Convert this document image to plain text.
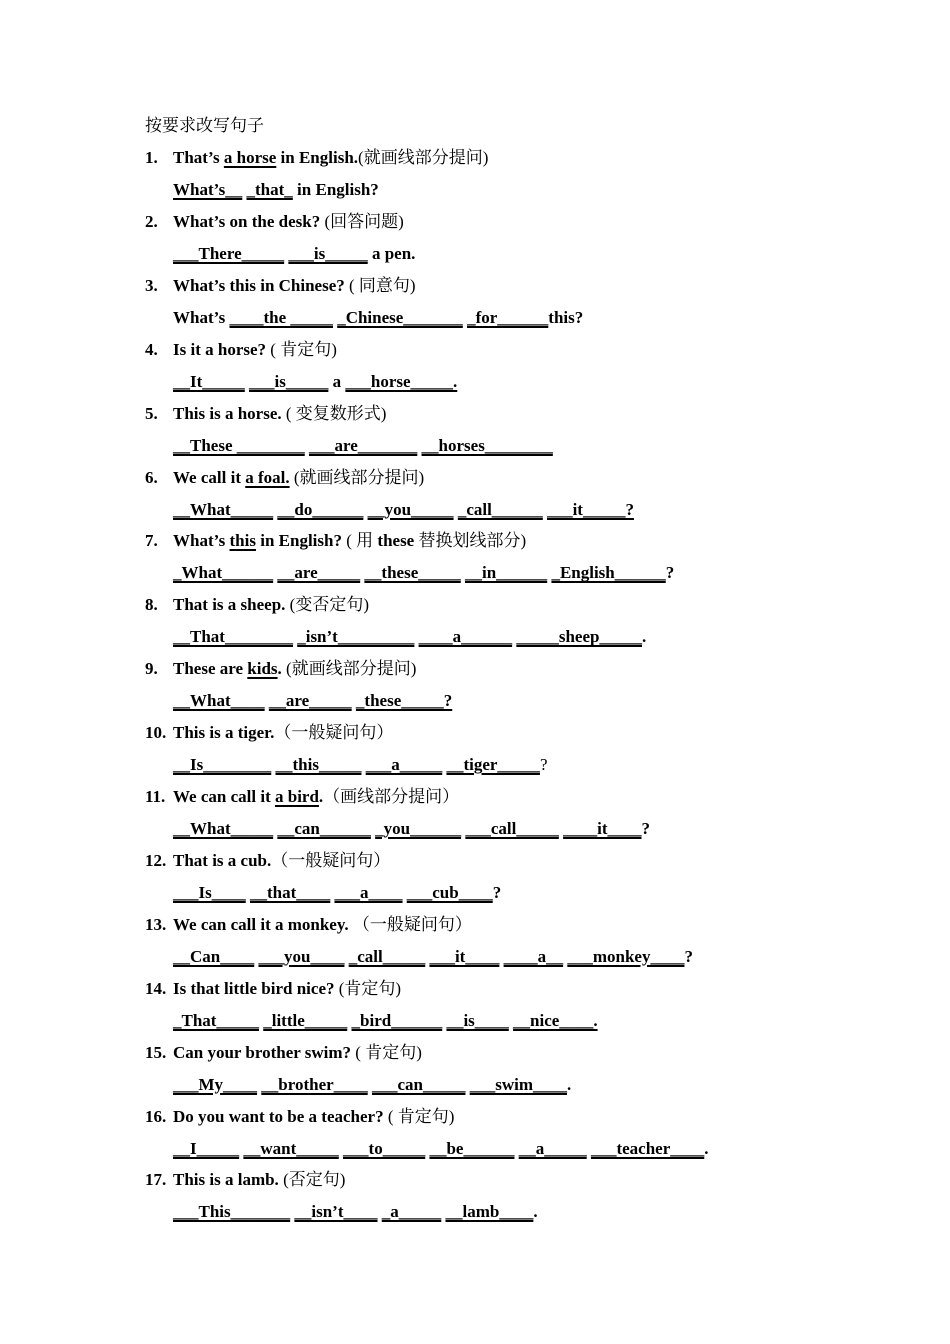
按要求改写句子
1. That’s a horse in English.(就画线部分提问)
What’s__ _that_ in English?
2. What’s on the desk? (回答问题)
___There_____ ___is_____ a pen.
3. What’s this in Chinese? ( 同意句)
What’s ____the _____ _Chinese_______ _for______this?
4. Is it a horse? ( 肯定句)
__It_____ ___is_____ a ___horse_____.
5. This is a horse. ( 变复数形式)
__These ________ ___are_______ __horses________
6. We call it a foal. (就画线部分提问)
__What_____ __do______ __you_____ _call______ ___it_____?
7. What’s this in English? ( 用 these 替换划线部分)
_What______ __are_____ __these_____ __in______ _English______?
8. That is a sheep. (变否定句)
__That________ _isn’t_________ ____a______ _____sheep_____.
9. These are kids. (就画线部分提问)
__What____ __are_____ _these_____?
10. This is a tiger.（一般疑问句）
__Is________ __this_____ ___a_____ __tiger_____?
11. We can call it a bird.（画线部分提问）
__What_____ __can______ _you______ ___call_____ ____it____?
12. That is a cub.（一般疑问句）
___Is____ __that____ ___a____ ___cub____?
13. We can call it a monkey. （一般疑问句）
__Can____ ___you____ _call_____ ___it____ ____a__ ___monkey____?
14. Is that little bird nice? (肯定句)
_That_____ _little_____ _bird______ __is____ __nice____.
15. Can your brother swim? ( 肯定句)
___My____ __brother____ ___can_____ ___swim____.
16. Do you want to be a teacher? ( 肯定句)
__I_____ __want_____ ___to_____ __be______ __a_____ ___teacher____.
17. This is a lamb. (否定句)
___This_______ __isn’t____ _a_____ __lamb____.
